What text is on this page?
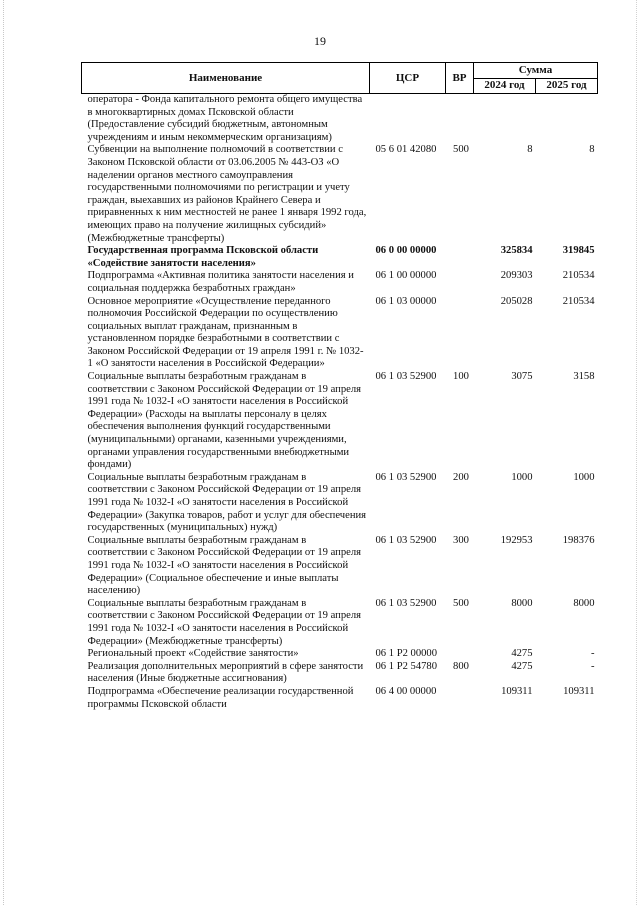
19
Наименование	ЦСР	ВР	Сумма	
			2024 год	2025 год
оператора - Фонда капитального ремонта общего имущества в многоквартирных домах Псковской области (Предоставление субсидий бюджетным, автономным учреждениям и иным некоммерческим организациям)				
Субвенции на выполнение полномочий в соответствии с Законом Псковской области от 03.06.2005 № 443-ОЗ «О наделении органов местного самоуправления государственными полномочиями по регистрации и учету граждан, выехавших из районов Крайнего Севера и приравненных к ним местностей не ранее 1 января 1992 года, имеющих право на получение жилищных субсидий» (Межбюджетные трансферты)	05 6 01 42080	500	8	8
Государственная программа Псковской области «Содействие занятости населения»	06 0 00 00000		325834	319845
Подпрограмма «Активная политика занятости населения и социальная поддержка безработных граждан»	06 1 00 00000		209303	210534
Основное мероприятие «Осуществление переданного полномочия Российской Федерации по осуществлению социальных выплат гражданам, признанным в установленном порядке безработными в соответствии с Законом Российской Федерации от 19 апреля 1991 г. № 1032-1 «О занятости населения в Российской Федерации»	06 1 03 00000		205028	210534
Социальные выплаты безработным гражданам в соответствии с Законом Российской Федерации от 19 апреля 1991 года № 1032-I «О занятости населения в Российской Федерации» (Расходы на выплаты персоналу в целях обеспечения выполнения функций государственными (муниципальными) органами, казенными учреждениями, органами управления государственными внебюджетными фондами)	06 1 03 52900	100	3075	3158
Социальные выплаты безработным гражданам в соответствии с Законом Российской Федерации от 19 апреля 1991 года № 1032-I «О занятости населения в Российской Федерации» (Закупка товаров, работ и услуг для обеспечения государственных (муниципальных) нужд)	06 1 03 52900	200	1000	1000
Социальные выплаты безработным гражданам в соответствии с Законом Российской Федерации от 19 апреля 1991 года № 1032-I «О занятости населения в Российской Федерации» (Социальное обеспечение и иные выплаты населению)	06 1 03 52900	300	192953	198376
Социальные выплаты безработным гражданам в соответствии с Законом Российской Федерации от 19 апреля 1991 года № 1032-I «О занятости населения в Российской Федерации» (Межбюджетные трансферты)	06 1 03 52900	500	8000	8000
Региональный проект «Содействие занятости»	06 1 P2 00000		4275	-
Реализация дополнительных мероприятий в сфере занятости населения (Иные бюджетные ассигнования)	06 1 P2 54780	800	4275	-
Подпрограмма «Обеспечение реализации государственной программы Псковской области	06 4 00 00000		109311	109311
